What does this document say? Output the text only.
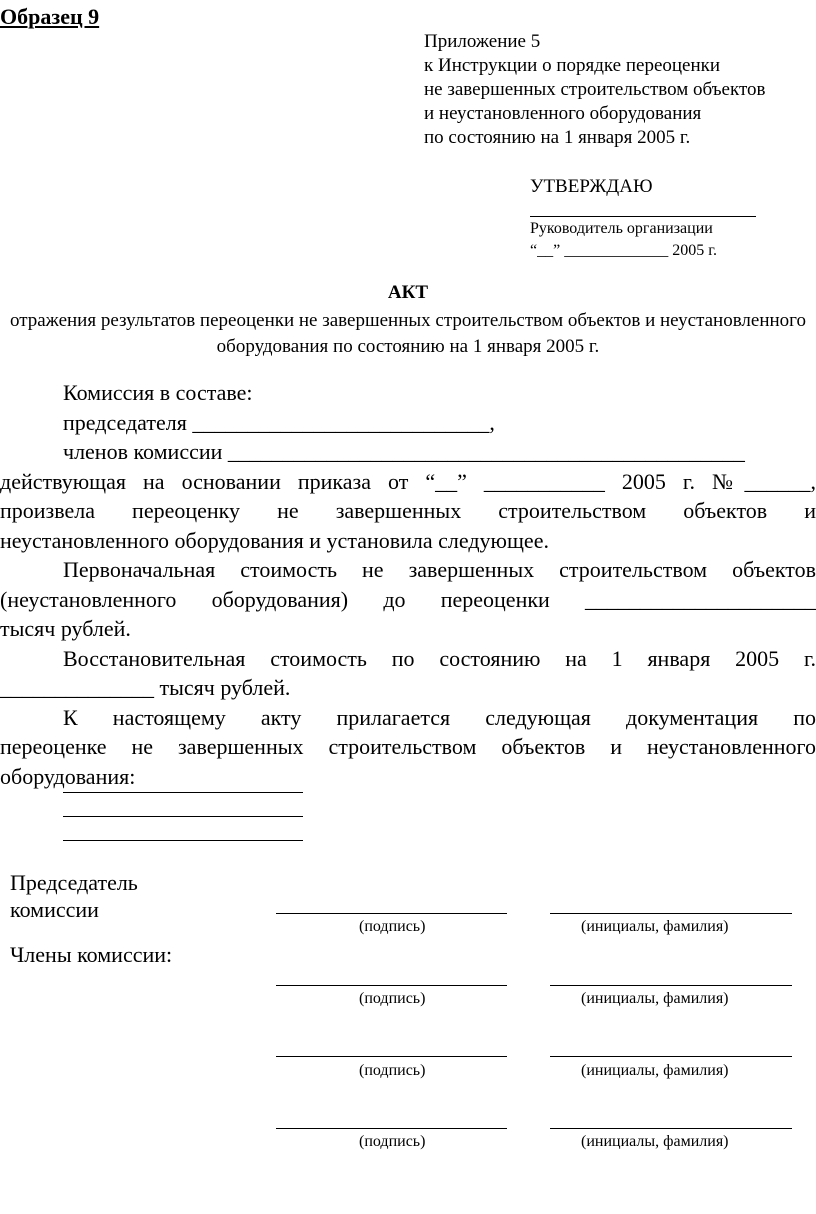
Образец 9
Приложение 5
к Инструкции о порядке переоценки
не завершенных строительством объектов
и неустановленного оборудования
по состоянию на 1 января 2005 г.
УТВЕРЖДАЮ
Руководитель организации
“__” _____________ 2005 г.
АКТ
отражения результатов переоценки не завершенных строительством объектов и неустановленного оборудования по состоянию на 1 января 2005 г.

Комиссия в составе:

председателя ___________________________,

членов комиссии _______________________________________________

действующая на основании приказа от “__” ___________ 2005 г. №______,

произвела переоценку не завершенных строительством объектов и

неустановленного оборудования и установила следующее.

Первоначальная стоимость не завершенных строительством объектов

(неустановленного оборудования) до переоценки _____________________

тысяч рублей.

Восстановительная стоимость по состоянию на 1 января 2005 г.

______________ тысяч рублей.

К настоящему акту прилагается следующая документация по

переоценке не завершенных строительством объектов и неустановленного

оборудования:

Председатель
комиссии
Члены комиссии:
(подпись)	(инициалы, фамилия)
(подпись)	(инициалы, фамилия)
(подпись)	(инициалы, фамилия)
(подпись)	(инициалы, фамилия)
